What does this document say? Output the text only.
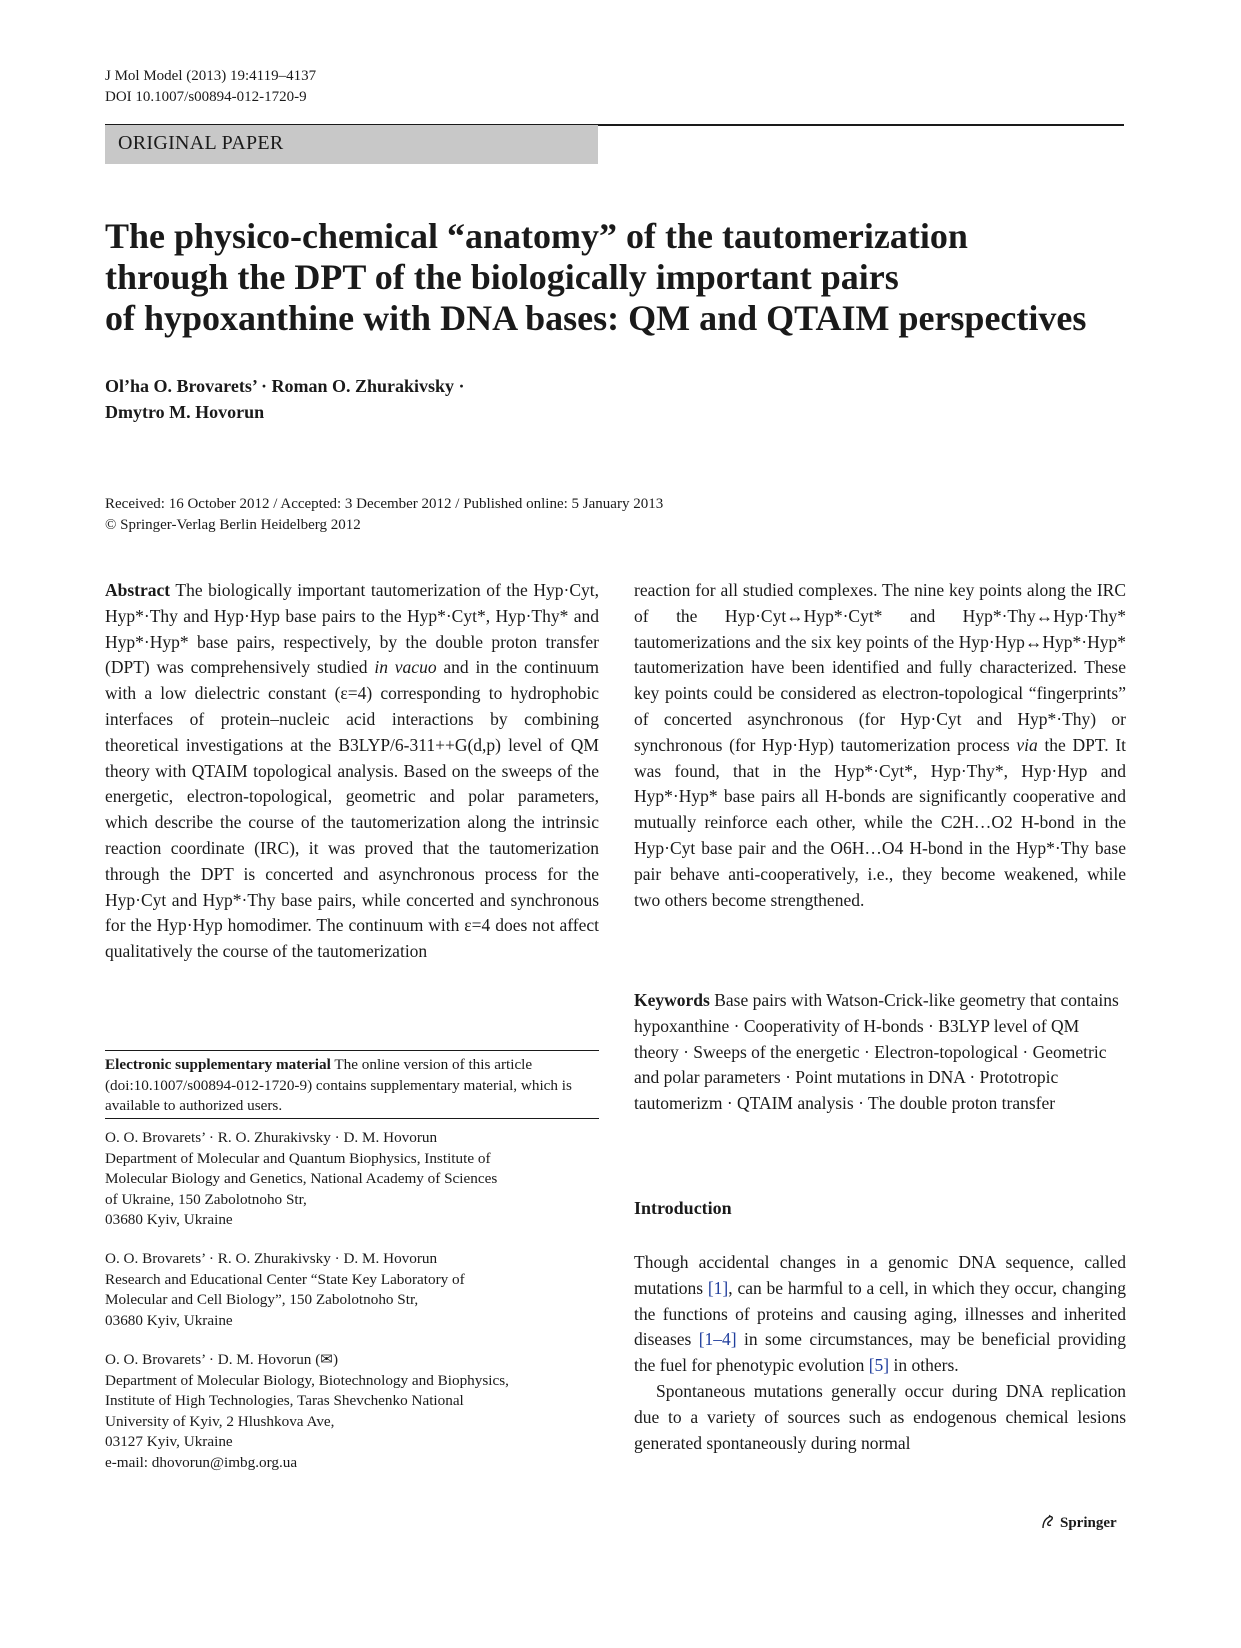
J Mol Model (2013) 19:4119–4137
DOI 10.1007/s00894-012-1720-9
ORIGINAL PAPER
The physico-chemical “anatomy” of the tautomerization
through the DPT of the biologically important pairs
of hypoxanthine with DNA bases: QM and QTAIM perspectives
Ol’ha O. Brovarets’ · Roman O. Zhurakivsky ·
Dmytro M. Hovorun
Received: 16 October 2012 / Accepted: 3 December 2012 / Published online: 5 January 2013
© Springer-Verlag Berlin Heidelberg 2012
Abstract The biologically important tautomerization of the Hyp·Cyt, Hyp*·Thy and Hyp·Hyp base pairs to the Hyp*·Cyt*, Hyp·Thy* and Hyp*·Hyp* base pairs, respectively, by the double proton transfer (DPT) was comprehensively studied in vacuo and in the continuum with a low dielectric constant (ε=4) corresponding to hydrophobic interfaces of protein–nucleic acid interactions by combining theoretical investigations at the B3LYP/6-311++G(d,p) level of QM theory with QTAIM topological analysis. Based on the sweeps of the energetic, electron-topological, geometric and polar parameters, which describe the course of the tautomerization along the intrinsic reaction coordinate (IRC), it was proved that the tautomerization through the DPT is concerted and asynchronous process for the Hyp·Cyt and Hyp*·Thy base pairs, while concerted and synchronous for the Hyp·Hyp homodimer. The continuum with ε=4 does not affect qualitatively the course of the tautomerization
Electronic supplementary material The online version of this article (doi:10.1007/s00894-012-1720-9) contains supplementary material, which is available to authorized users.
O. O. Brovarets’ · R. O. Zhurakivsky · D. M. Hovorun
Department of Molecular and Quantum Biophysics, Institute of
Molecular Biology and Genetics, National Academy of Sciences
of Ukraine, 150 Zabolotnoho Str,
03680 Kyiv, Ukraine
O. O. Brovarets’ · R. O. Zhurakivsky · D. M. Hovorun
Research and Educational Center “State Key Laboratory of
Molecular and Cell Biology”, 150 Zabolotnoho Str,
03680 Kyiv, Ukraine
O. O. Brovarets’ · D. M. Hovorun (✉)
Department of Molecular Biology, Biotechnology and Biophysics,
Institute of High Technologies, Taras Shevchenko National
University of Kyiv, 2 Hlushkova Ave,
03127 Kyiv, Ukraine
e-mail: dhovorun@imbg.org.ua
reaction for all studied complexes. The nine key points along the IRC of the Hyp·Cyt↔Hyp*·Cyt* and Hyp*·Thy↔Hyp·Thy* tautomerizations and the six key points of the Hyp·Hyp↔Hyp*·Hyp* tautomerization have been identified and fully characterized. These key points could be considered as electron-topological “fingerprints” of concerted asynchronous (for Hyp·Cyt and Hyp*·Thy) or synchronous (for Hyp·Hyp) tautomerization process via the DPT. It was found, that in the Hyp*·Cyt*, Hyp·Thy*, Hyp·Hyp and Hyp*·Hyp* base pairs all H-bonds are significantly cooperative and mutually reinforce each other, while the C2H…O2 H-bond in the Hyp·Cyt base pair and the O6H…O4 H-bond in the Hyp*·Thy base pair behave anti-cooperatively, i.e., they become weakened, while two others become strengthened.
Keywords Base pairs with Watson-Crick-like geometry that contains hypoxanthine · Cooperativity of H-bonds · B3LYP level of QM theory · Sweeps of the energetic · Electron-topological · Geometric and polar parameters · Point mutations in DNA · Prototropic tautomerizm · QTAIM analysis · The double proton transfer
Introduction

Though accidental changes in a genomic DNA sequence, called mutations [1], can be harmful to a cell, in which they occur, changing the functions of proteins and causing aging, illnesses and inherited diseases [1–4] in some circumstances, may be beneficial providing the fuel for phenotypic evolution [5] in others.

Spontaneous mutations generally occur during DNA replication due to a variety of sources such as endogenous chemical lesions generated spontaneously during normal

Springer
